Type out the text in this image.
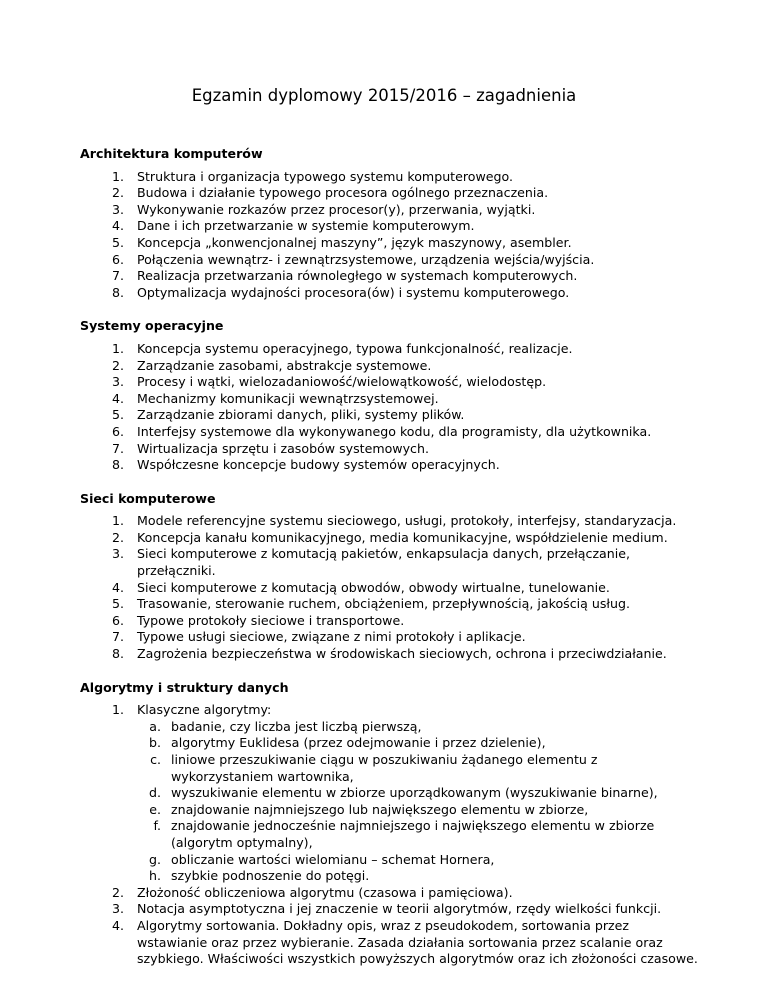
Egzamin dyplomowy 2015/2016 – zagadnienia
Architektura komputerów
1. Struktura i organizacja typowego systemu komputerowego.
2. Budowa i działanie typowego procesora ogólnego przeznaczenia.
3. Wykonywanie rozkazów przez procesor(y), przerwania, wyjątki.
4. Dane i ich przetwarzanie w systemie komputerowym.
5. Koncepcja „konwencjonalnej maszyny”, język maszynowy, asembler.
6. Połączenia wewnątrz- i zewnątrzsystemowe, urządzenia wejścia/wyjścia.
7. Realizacja przetwarzania równoległego w systemach komputerowych.
8. Optymalizacja wydajności procesora(ów) i systemu komputerowego.
Systemy operacyjne
1. Koncepcja systemu operacyjnego, typowa funkcjonalność, realizacje.
2. Zarządzanie zasobami, abstrakcje systemowe.
3. Procesy i wątki, wielozadaniowość/wielowątkowość, wielodostęp.
4. Mechanizmy komunikacji wewnątrzsystemowej.
5. Zarządzanie zbiorami danych, pliki, systemy plików.
6. Interfejsy systemowe dla wykonywanego kodu, dla programisty, dla użytkownika.
7. Wirtualizacja sprzętu i zasobów systemowych.
8. Współczesne koncepcje budowy systemów operacyjnych.
Sieci komputerowe
1. Modele referencyjne systemu sieciowego, usługi, protokoły, interfejsy, standaryzacja.
2. Koncepcja kanału komunikacyjnego, media komunikacyjne, współdzielenie medium.
3. Sieci komputerowe z komutacją pakietów, enkapsulacja danych, przełączanie, przełączniki.
4. Sieci komputerowe z komutacją obwodów, obwody wirtualne, tunelowanie.
5. Trasowanie, sterowanie ruchem, obciążeniem, przepływnością, jakością usług.
6. Typowe protokoły sieciowe i transportowe.
7. Typowe usługi sieciowe, związane z nimi protokoły i aplikacje.
8. Zagrożenia bezpieczeństwa w środowiskach sieciowych, ochrona i przeciwdziałanie.
Algorytmy i struktury danych
1. Klasyczne algorytmy:
a. badanie, czy liczba jest liczbą pierwszą,
b. algorytmy Euklidesa (przez odejmowanie i przez dzielenie),
c. liniowe przeszukiwanie ciągu w poszukiwaniu żądanego elementu z wykorzystaniem wartownika,
d. wyszukiwanie elementu w zbiorze uporządkowanym (wyszukiwanie binarne),
e. znajdowanie najmniejszego lub największego elementu w zbiorze,
f. znajdowanie jednocześnie najmniejszego i największego elementu w zbiorze (algorytm optymalny),
g. obliczanie wartości wielomianu – schemat Hornera,
h. szybkie podnoszenie do potęgi.
2. Złożoność obliczeniowa algorytmu (czasowa i pamięciowa).
3. Notacja asymptotyczna i jej znaczenie w teorii algorytmów, rzędy wielkości funkcji.
4. Algorytmy sortowania. Dokładny opis, wraz z pseudokodem, sortowania przez wstawianie oraz przez wybieranie. Zasada działania sortowania przez scalanie oraz szybkiego. Właściwości wszystkich powyższych algorytmów oraz ich złożoności czasowe.
